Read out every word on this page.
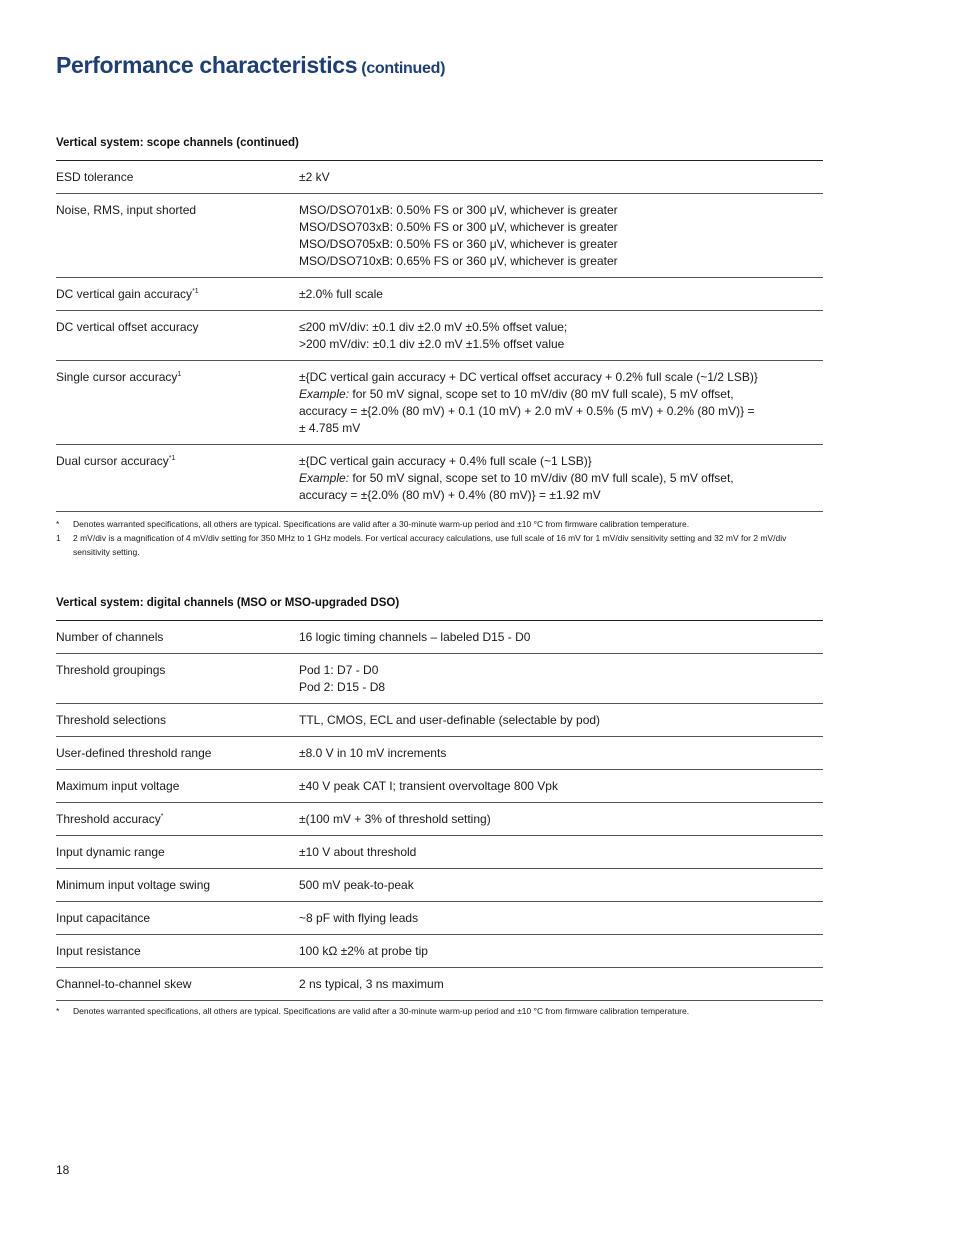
Performance characteristics (continued)
Vertical system: scope channels (continued)
ESD tolerance	±2 kV

Noise, RMS, input shorted	MSO/DSO701xB: 0.50% FS or 300 μV, whichever is greater
MSO/DSO703xB: 0.50% FS or 300 μV, whichever is greater
MSO/DSO705xB: 0.50% FS or 360 μV, whichever is greater
MSO/DSO710xB: 0.65% FS or 360 μV, whichever is greater

DC vertical gain accuracy$^{*1}$	±2.0% full scale

DC vertical offset accuracy	≤200 mV/div: ±0.1 div ±2.0 mV ±0.5% offset value;
>200 mV/div: ±0.1 div ±2.0 mV ±1.5% offset value

Single cursor accuracy$^1$	±{DC vertical gain accuracy + DC vertical offset accuracy + 0.2% full scale (~1/2 LSB)}
Example: for 50 mV signal, scope set to 10 mV/div (80 mV full scale), 5 mV offset,
accuracy = ±{2.0% (80 mV) + 0.1 (10 mV) + 2.0 mV + 0.5% (5 mV) + 0.2% (80 mV)} =
± 4.785 mV

Dual cursor accuracy$^{*1}$	±{DC vertical gain accuracy + 0.4% full scale (~1 LSB)}
Example: for 50 mV signal, scope set to 10 mV/div (80 mV full scale), 5 mV offset,
accuracy = ±{2.0% (80 mV) + 0.4% (80 mV)} = ±1.92 mV
*	Denotes warranted specifications, all others are typical. Specifications are valid after a 30-minute warm-up period and ±10 °C from firmware calibration temperature.
1	2 mV/div is a magnification of 4 mV/div setting for 350 MHz to 1 GHz models. For vertical accuracy calculations, use full scale of 16 mV for 1 mV/div sensitivity setting and 32 mV for 2 mV/div sensitivity setting.
Vertical system: digital channels (MSO or MSO-upgraded DSO)
Number of channels	16 logic timing channels – labeled D15 - D0

Threshold groupings	Pod 1: D7 - D0
Pod 2: D15 - D8

Threshold selections	TTL, CMOS, ECL and user-definable (selectable by pod)

User-defined threshold range	±8.0 V in 10 mV increments

Maximum input voltage	±40 V peak CAT I; transient overvoltage 800 Vpk

Threshold accuracy*	±(100 mV + 3% of threshold setting)

Input dynamic range	±10 V about threshold

Minimum input voltage swing	500 mV peak-to-peak

Input capacitance	~8 pF with flying leads

Input resistance	100 kΩ ±2% at probe tip

Channel-to-channel skew	2 ns typical, 3 ns maximum
*	Denotes warranted specifications, all others are typical. Specifications are valid after a 30-minute warm-up period and ±10 °C from firmware calibration temperature.
18
